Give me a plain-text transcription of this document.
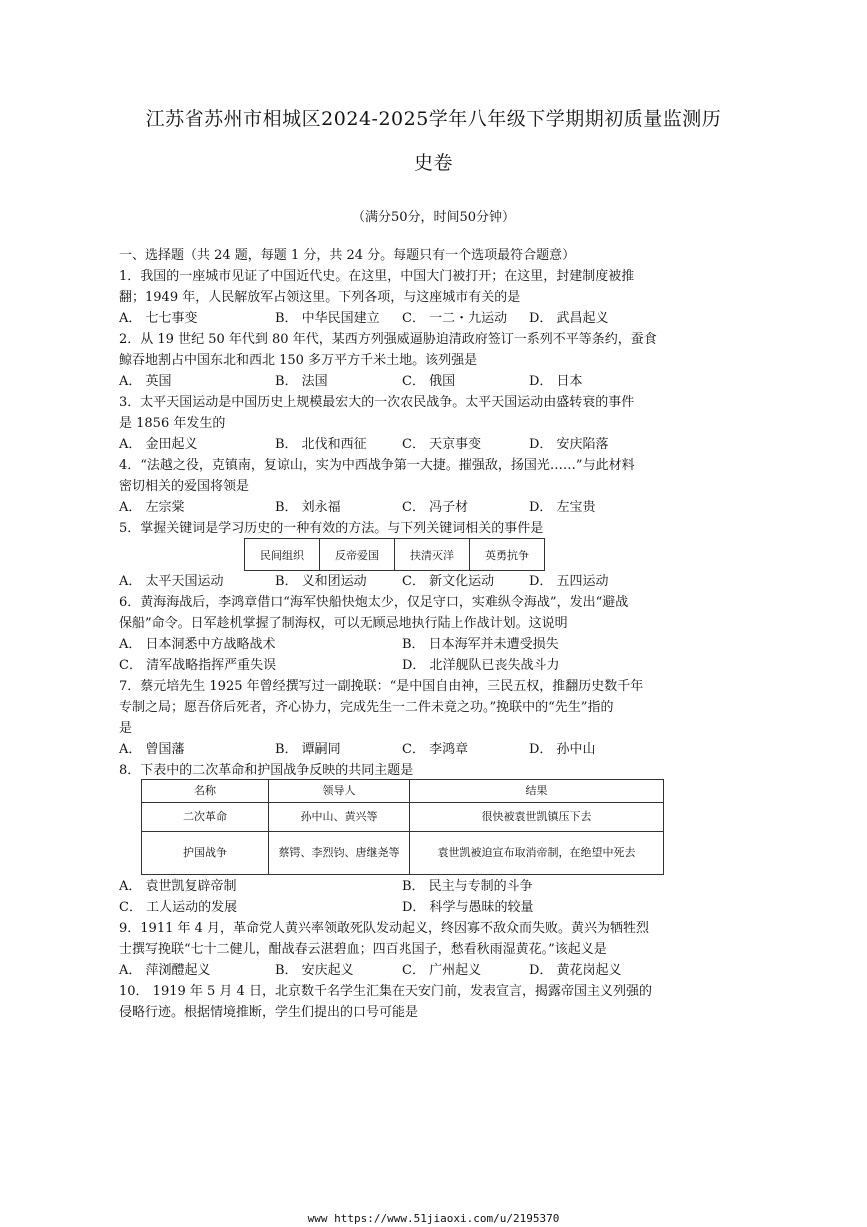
江苏省苏州市相城区2024-2025学年八年级下学期期初质量监测历
史卷
（满分50分，时间50分钟）
一、选择题（共 24 题，每题 1 分，共 24 分。每题只有一个选项最符合题意）
1．我国的一座城市见证了中国近代史。在这里，中国大门被打开；在这里，封建制度被推
翻；1949 年，人民解放军占领这里。下列各项，与这座城市有关的是
A． 七七事变	B． 中华民国建立 C． 一二・九运动 D． 武昌起义
2．从 19 世纪 50 年代到 80 年代，某西方列强威逼胁迫清政府签订一系列不平等条约，蚕食
鲸吞地割占中国东北和西北 150 多万平方千米土地。该列强是
A． 英国	B． 法国	C． 俄国	D． 日本
3．太平天国运动是中国历史上规模最宏大的一次农民战争。太平天国运动由盛转衰的事件
是 1856 年发生的
A． 金田起义	B． 北伐和西征	C． 天京事变	D． 安庆陷落
4．“法越之役，克镇南，复谅山，实为中西战争第一大捷。摧强敌，扬国光……”与此材料
密切相关的爱国将领是
A． 左宗棠	B． 刘永福	C． 冯子材	D． 左宝贵
5．掌握关键词是学习历史的一种有效的方法。与下列关键词相关的事件是
民间组织	反帝爱国	扶清灭洋	英勇抗争
A． 太平天国运动	B． 义和团运动	C． 新文化运动	D． 五四运动
6．黄海海战后，李鸿章借口“海军快船快炮太少，仅足守口，实难纵令海战”，发出“避战
保船”命令。日军趁机掌握了制海权，可以无顾忌地执行陆上作战计划。这说明
A． 日本洞悉中方战略战术	B． 日本海军并未遭受损失
C． 清军战略指挥严重失误	D． 北洋舰队已丧失战斗力
7．蔡元培先生 1925 年曾经撰写过一副挽联：“是中国自由神，三民五权，推翻历史数千年
专制之局；愿吾侪后死者，齐心协力，完成先生一二件未竟之功。”挽联中的“先生”指的
是
A． 曾国藩	B． 谭嗣同	C． 李鸿章	D． 孙中山
8．下表中的二次革命和护国战争反映的共同主题是
名称	领导人	结果
二次革命	孙中山、黄兴等	很快被袁世凯镇压下去
护国战争	蔡锷、李烈钧、唐继尧等	袁世凯被迫宣布取消帝制，在绝望中死去
A． 袁世凯复辟帝制	B． 民主与专制的斗争
C． 工人运动的发展	D． 科学与愚昧的较量
9．1911 年 4 月，革命党人黄兴率领敢死队发动起义，终因寡不敌众而失败。黄兴为牺牲烈
士撰写挽联“七十二健儿，酣战春云湛碧血；四百兆国子，愁看秋雨湿黄花。”该起义是
A． 萍浏醴起义	B． 安庆起义	C． 广州起义	D． 黄花岗起义
10． 1919 年 5 月 4 日，北京数千名学生汇集在天安门前，发表宣言，揭露帝国主义列强的
侵略行迹。根据情境推断，学生们提出的口号可能是
www https://www.51jiaoxi.com/u/2195370
